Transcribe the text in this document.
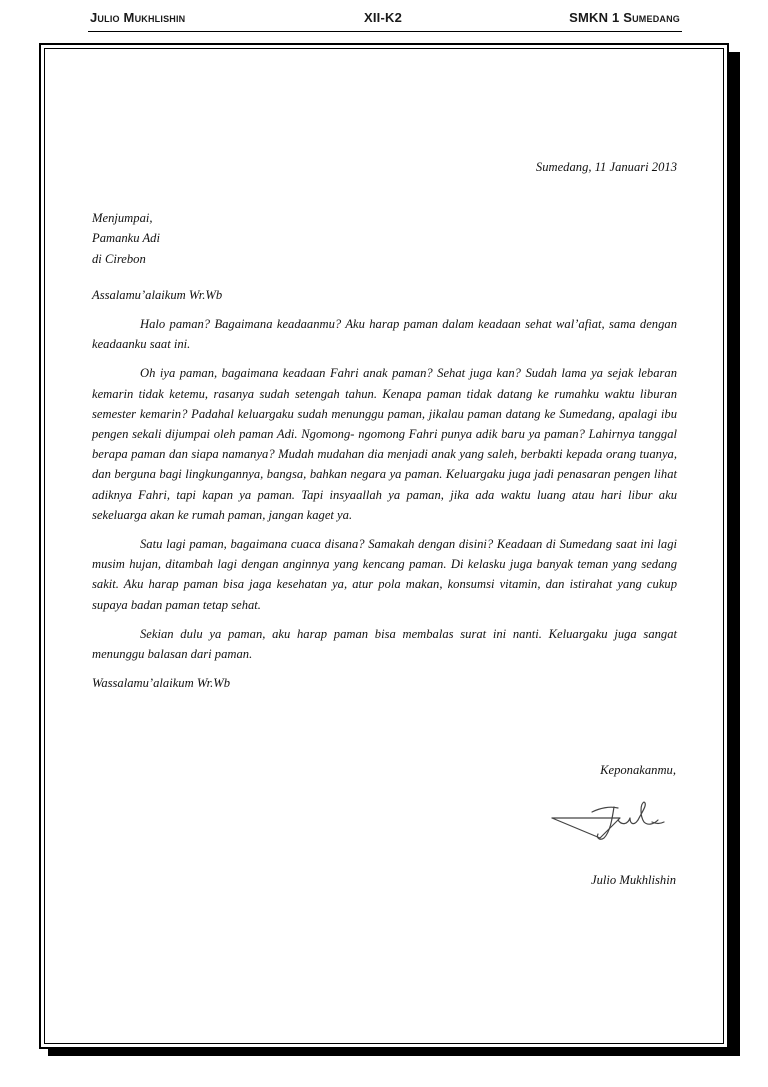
Julio Mukhlishin	XII-K2	SMKN 1 Sumedang
Sumedang, 11 Januari 2013
Menjumpai,
Pamanku Adi
di Cirebon
Assalamu’alaikum Wr.Wb

Halo paman? Bagaimana keadaanmu? Aku harap paman dalam keadaan sehat wal’afiat, sama dengan keadaanku saat ini.

Oh iya paman, bagaimana keadaan Fahri anak paman? Sehat juga kan? Sudah lama ya sejak lebaran kemarin tidak ketemu, rasanya sudah setengah tahun. Kenapa paman tidak datang ke rumahku waktu liburan semester kemarin? Padahal keluargaku sudah menunggu paman, jikalau paman datang ke Sumedang, apalagi ibu pengen sekali dijumpai oleh paman Adi. Ngomong- ngomong Fahri punya adik baru ya paman? Lahirnya tanggal berapa paman dan siapa namanya? Mudah mudahan dia menjadi anak yang saleh, berbakti kepada orang tuanya, dan berguna bagi lingkungannya, bangsa, bahkan negara ya paman. Keluargaku juga jadi penasaran pengen lihat adiknya Fahri, tapi kapan ya paman. Tapi insyaallah ya paman, jika ada waktu luang atau hari libur aku sekeluarga akan ke rumah paman, jangan kaget ya.

Satu lagi paman, bagaimana cuaca disana? Samakah dengan disini? Keadaan di Sumedang saat ini lagi musim hujan, ditambah lagi dengan anginnya yang kencang paman. Di kelasku juga banyak teman yang sedang sakit. Aku harap paman bisa jaga kesehatan ya, atur pola makan, konsumsi vitamin, dan istirahat yang cukup supaya badan paman tetap sehat.

Sekian dulu ya paman, aku harap paman bisa membalas surat ini nanti. Keluargaku juga sangat menunggu balasan dari paman.

Wassalamu’alaikum Wr.Wb
Keponakanmu,
Julio Mukhlishin
